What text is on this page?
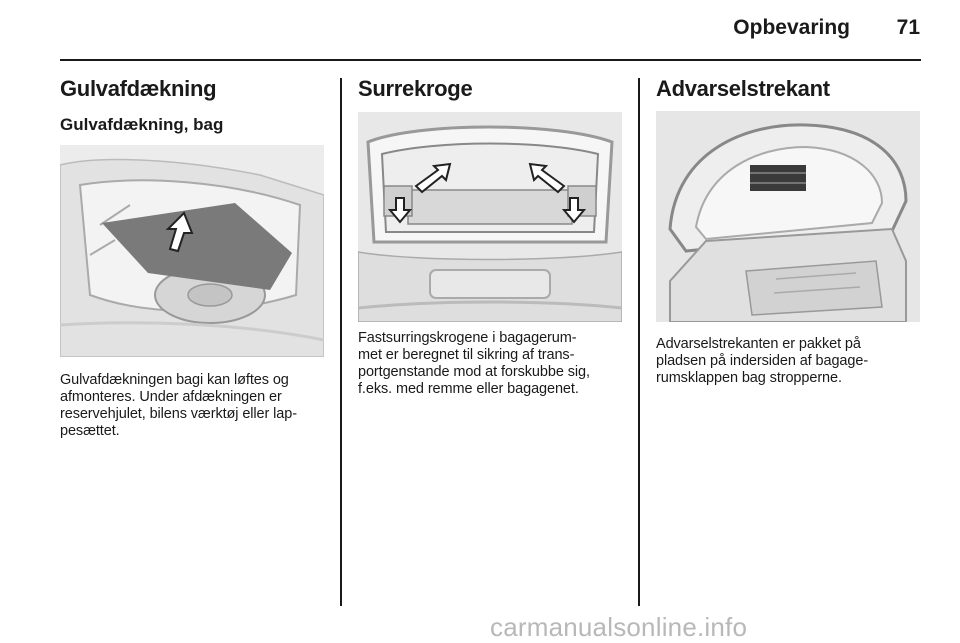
Opbevaring	71
Gulvafdækning
Gulvafdækning, bag

Gulvafdækningen bagi kan løftes og

afmonteres. Under afdækningen er

reservehjulet, bilens værktøj eller lap-

pesættet.

Surrekroge

Fastsurringskrogene i bagagerum-

met er beregnet til sikring af trans-

portgenstande mod at forskubbe sig,

f.eks. med remme eller bagagenet.

Advarselstrekant

Advarselstrekanten er pakket på

pladsen på indersiden af bagage-

rumsklappen bag stropperne.

carmanualsonline.info
